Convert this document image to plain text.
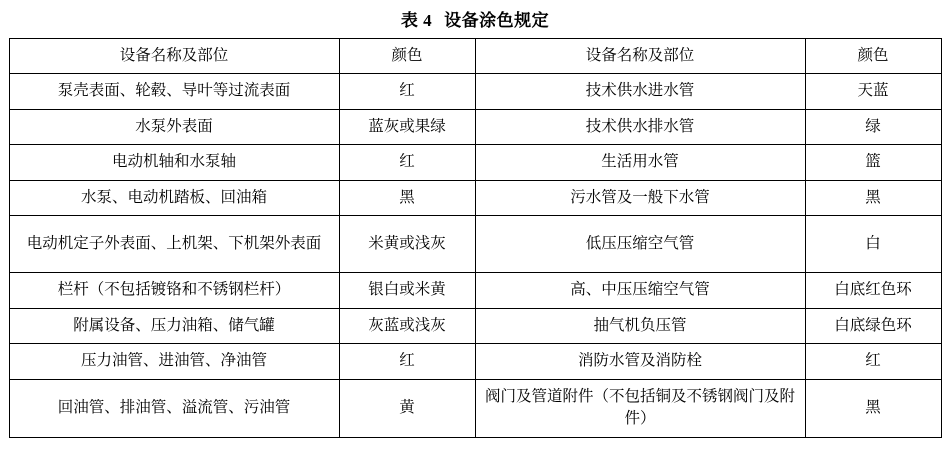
表 4 设备涂色规定
设备名称及部位	颜色	设备名称及部位	颜色
泵壳表面、轮毂、导叶等过流表面	红	技术供水进水管	天蓝
水泵外表面	蓝灰或果绿	技术供水排水管	绿
电动机轴和水泵轴	红	生活用水管	篮
水泵、电动机踏板、回油箱	黑	污水管及一般下水管	黑
电动机定子外表面、上机架、下机架外表面	米黄或浅灰	低压压缩空气管	白
栏杆（不包括镀铬和不锈钢栏杆）	银白或米黄	高、中压压缩空气管	白底红色环
附属设备、压力油箱、储气罐	灰蓝或浅灰	抽气机负压管	白底绿色环
压力油管、进油管、净油管	红	消防水管及消防栓	红
回油管、排油管、溢流管、污油管	黄	阀门及管道附件（不包括铜及不锈钢阀门及附件）	黑
